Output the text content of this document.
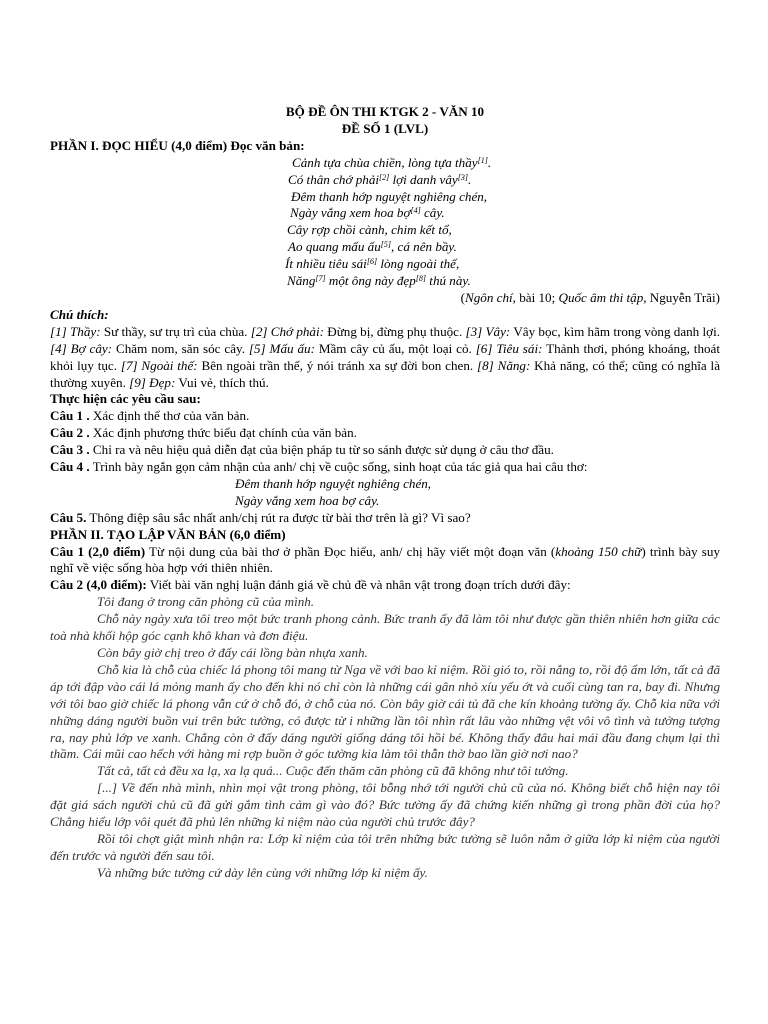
BỘ ĐỀ ÔN THI KTGK 2 - VĂN 10

ĐỀ SỐ 1 (LVL)

PHẦN I. ĐỌC HIỂU (4,0 điểm) Đọc văn bản:

Cảnh tựa chùa chiền, lòng tựa thầy[1].
Có thân chớ phải[2] lợi danh vây[3].
Đêm thanh hớp nguyệt nghiêng chén,
Ngày vắng xem hoa bợ[4] cây.
Cây rợp chồi cành, chim kết tổ,
Ao quang mấu ấu[5], cá nên bầy.
Ít nhiều tiêu sái[6] lòng ngoài thế,
Năng[7] một ông này đẹp[8] thú này.

(Ngôn chí, bài 10; Quốc âm thi tập, Nguyễn Trãi)

Chú thích:

[1] Thầy: Sư thầy, sư trụ trì của chùa. [2] Chớ phải: Đừng bị, đừng phụ thuộc. [3] Vây: Vây bọc, kìm hãm trong vòng danh lợi. [4] Bợ cây: Chăm nom, săn sóc cây. [5] Mấu ấu: Mầm cây củ ấu, một loại cỏ. [6] Tiêu sái: Thảnh thơi, phóng khoáng, thoát khỏi lụy tục. [7] Ngoài thế: Bên ngoài trần thế, ý nói tránh xa sự đời bon chen. [8] Năng: Khả năng, có thể; cũng có nghĩa là thường xuyên. [9] Đẹp: Vui vẻ, thích thú.

Thực hiện các yêu cầu sau:

Câu 1 . Xác định thể thơ của văn bản.

Câu 2 . Xác định phương thức biểu đạt chính của văn bản.

Câu 3 . Chỉ ra và nêu hiệu quả diễn đạt của biện pháp tu từ so sánh được sử dụng ở câu thơ đầu.

Câu 4 . Trình bày ngắn gọn cảm nhận của anh/ chị về cuộc sống, sinh hoạt của tác giả qua hai câu thơ:

Đêm thanh hớp nguyệt nghiêng chén,

Ngày vắng xem hoa bợ cây.

Câu 5. Thông điệp sâu sắc nhất anh/chị rút ra được từ bài thơ trên là gì? Vì sao?

PHẦN II. TẠO LẬP VĂN BẢN (6,0 điểm)

Câu 1 (2,0 điểm) Từ nội dung của bài thơ ở phần Đọc hiểu, anh/ chị hãy viết một đoạn văn (khoảng 150 chữ) trình bày suy nghĩ về việc sống hòa hợp với thiên nhiên.

Câu 2 (4,0 điểm): Viết bài văn nghị luận đánh giá về chủ đề và nhân vật trong đoạn trích dưới đây:

Tôi đang ở trong căn phòng cũ của mình.

Chỗ này ngày xưa tôi treo một bức tranh phong cảnh. Bức tranh ấy đã làm tôi như được gần thiên nhiên hơn giữa các toà nhà khối hộp góc cạnh khô khan và đơn điệu.

Còn bây giờ chị treo ở đấy cái lồng bàn nhựa xanh.

Chỗ kia là chỗ của chiếc lá phong tôi mang từ Nga về với bao kỉ niệm. Rồi gió to, rồi nắng to, rồi độ ẩm lớn, tất cả đã áp tới đập vào cái lá mỏng manh ấy cho đến khi nó chỉ còn là những cái gân nhỏ xíu yếu ớt và cuối cùng tan ra, bay đi. Nhưng với tôi bao giờ chiếc lá phong vẫn cứ ở chỗ đó, ở chỗ của nó. Còn bây giờ cái tủ đã che kín khoảng tường ấy. Chỗ kia nữa với những dáng người buồn vui trên bức tường, có được từ i những lần tôi nhìn rất lâu vào những vệt vôi vô tình và tưởng tượng ra, nay phủ lớp ve xanh. Chẳng còn ở đấy dáng người giống dáng tôi hồi bé. Không thấy đâu hai mái đầu đang chụm lại thì thầm. Cái mũi cao hếch với hàng mi rợp buồn ở góc tường kia làm tôi thẫn thờ bao lần giờ nơi nao?

Tất cả, tất cả đều xa lạ, xa lạ quá... Cuộc đến thăm căn phòng cũ đã không như tôi tưởng.

[...] Về đến nhà mình, nhìn mọi vật trong phòng, tôi bỗng nhớ tới người chủ cũ của nó. Không biết chỗ hiện nay tôi đặt giá sách người chủ cũ đã gửi gắm tình cảm gì vào đó? Bức tường ấy đã chứng kiến những gì trong phần đời của họ? Chẳng hiểu lớp vôi quét đã phủ lên những kỉ niệm nào của người chủ trước đây?

Rồi tôi chợt giật mình nhận ra: Lớp kỉ niệm của tôi trên những bức tường sẽ luôn nằm ở giữa lớp kỉ niệm của người đến trước và người đến sau tôi.

Và những bức tường cứ dày lên cùng với những lớp kỉ niệm ấy.
